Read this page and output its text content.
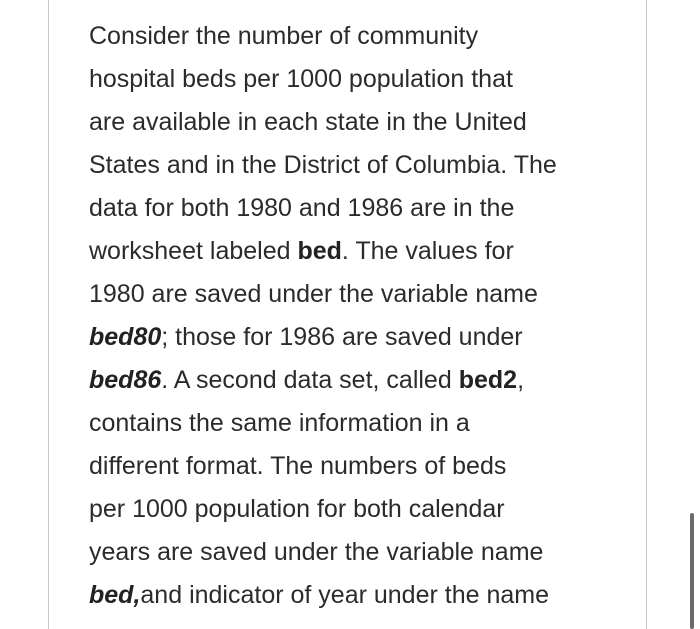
Consider the number of community
hospital beds per 1000 population that
are available in each state in the United
States and in the District of Columbia. The
data for both 1980 and 1986 are in the
worksheet labeled bed. The values for
1980 are saved under the variable name
bed80; those for 1986 are saved under
bed86. A second data set, called bed2,
contains the same information in a
different format. The numbers of beds
per 1000 population for both calendar
years are saved under the variable name
bed,and indicator of year under the name
